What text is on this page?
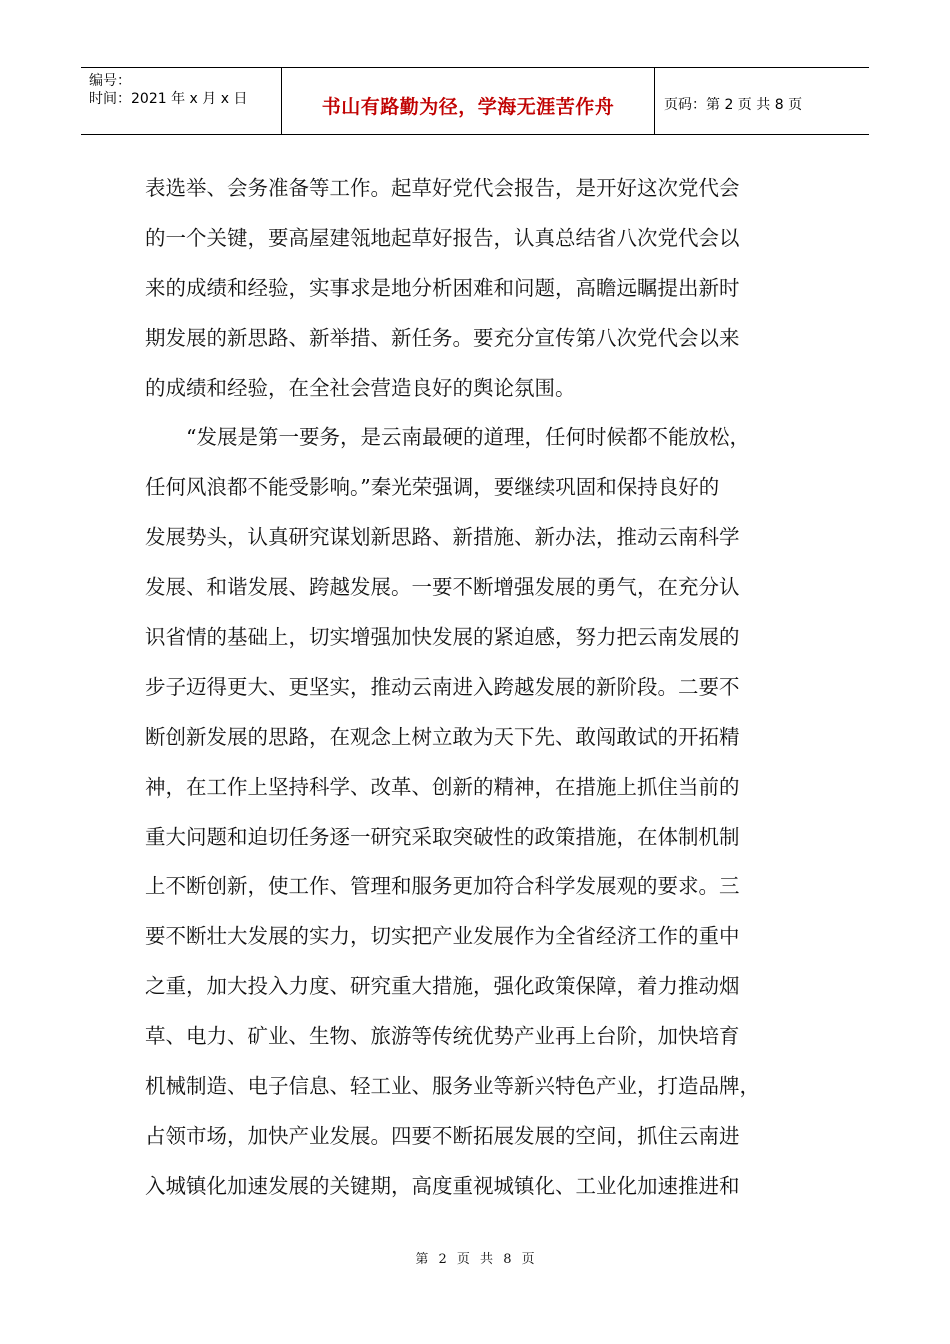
编号：
时间：2021 年 x 月 x 日	书山有路勤为径，学海无涯苦作舟	页码：第 2 页 共 8 页
表选举、会务准备等工作。起草好党代会报告，是开好这次党代会
的一个关键，要高屋建瓴地起草好报告，认真总结省八次党代会以
来的成绩和经验，实事求是地分析困难和问题，高瞻远瞩提出新时
期发展的新思路、新举措、新任务。要充分宣传第八次党代会以来
的成绩和经验，在全社会营造良好的舆论氛围。
“发展是第一要务，是云南最硬的道理，任何时候都不能放松，
任何风浪都不能受影响。”秦光荣强调，要继续巩固和保持良好的
发展势头，认真研究谋划新思路、新措施、新办法，推动云南科学
发展、和谐发展、跨越发展。一要不断增强发展的勇气，在充分认
识省情的基础上，切实增强加快发展的紧迫感，努力把云南发展的
步子迈得更大、更坚实，推动云南进入跨越发展的新阶段。二要不
断创新发展的思路，在观念上树立敢为天下先、敢闯敢试的开拓精
神，在工作上坚持科学、改革、创新的精神，在措施上抓住当前的
重大问题和迫切任务逐一研究采取突破性的政策措施，在体制机制
上不断创新，使工作、管理和服务更加符合科学发展观的要求。三
要不断壮大发展的实力，切实把产业发展作为全省经济工作的重中
之重，加大投入力度、研究重大措施，强化政策保障，着力推动烟
草、电力、矿业、生物、旅游等传统优势产业再上台阶，加快培育
机械制造、电子信息、轻工业、服务业等新兴特色产业，打造品牌，
占领市场，加快产业发展。四要不断拓展发展的空间，抓住云南进
入城镇化加速发展的关键期，高度重视城镇化、工业化加速推进和
第 2 页 共 8 页
